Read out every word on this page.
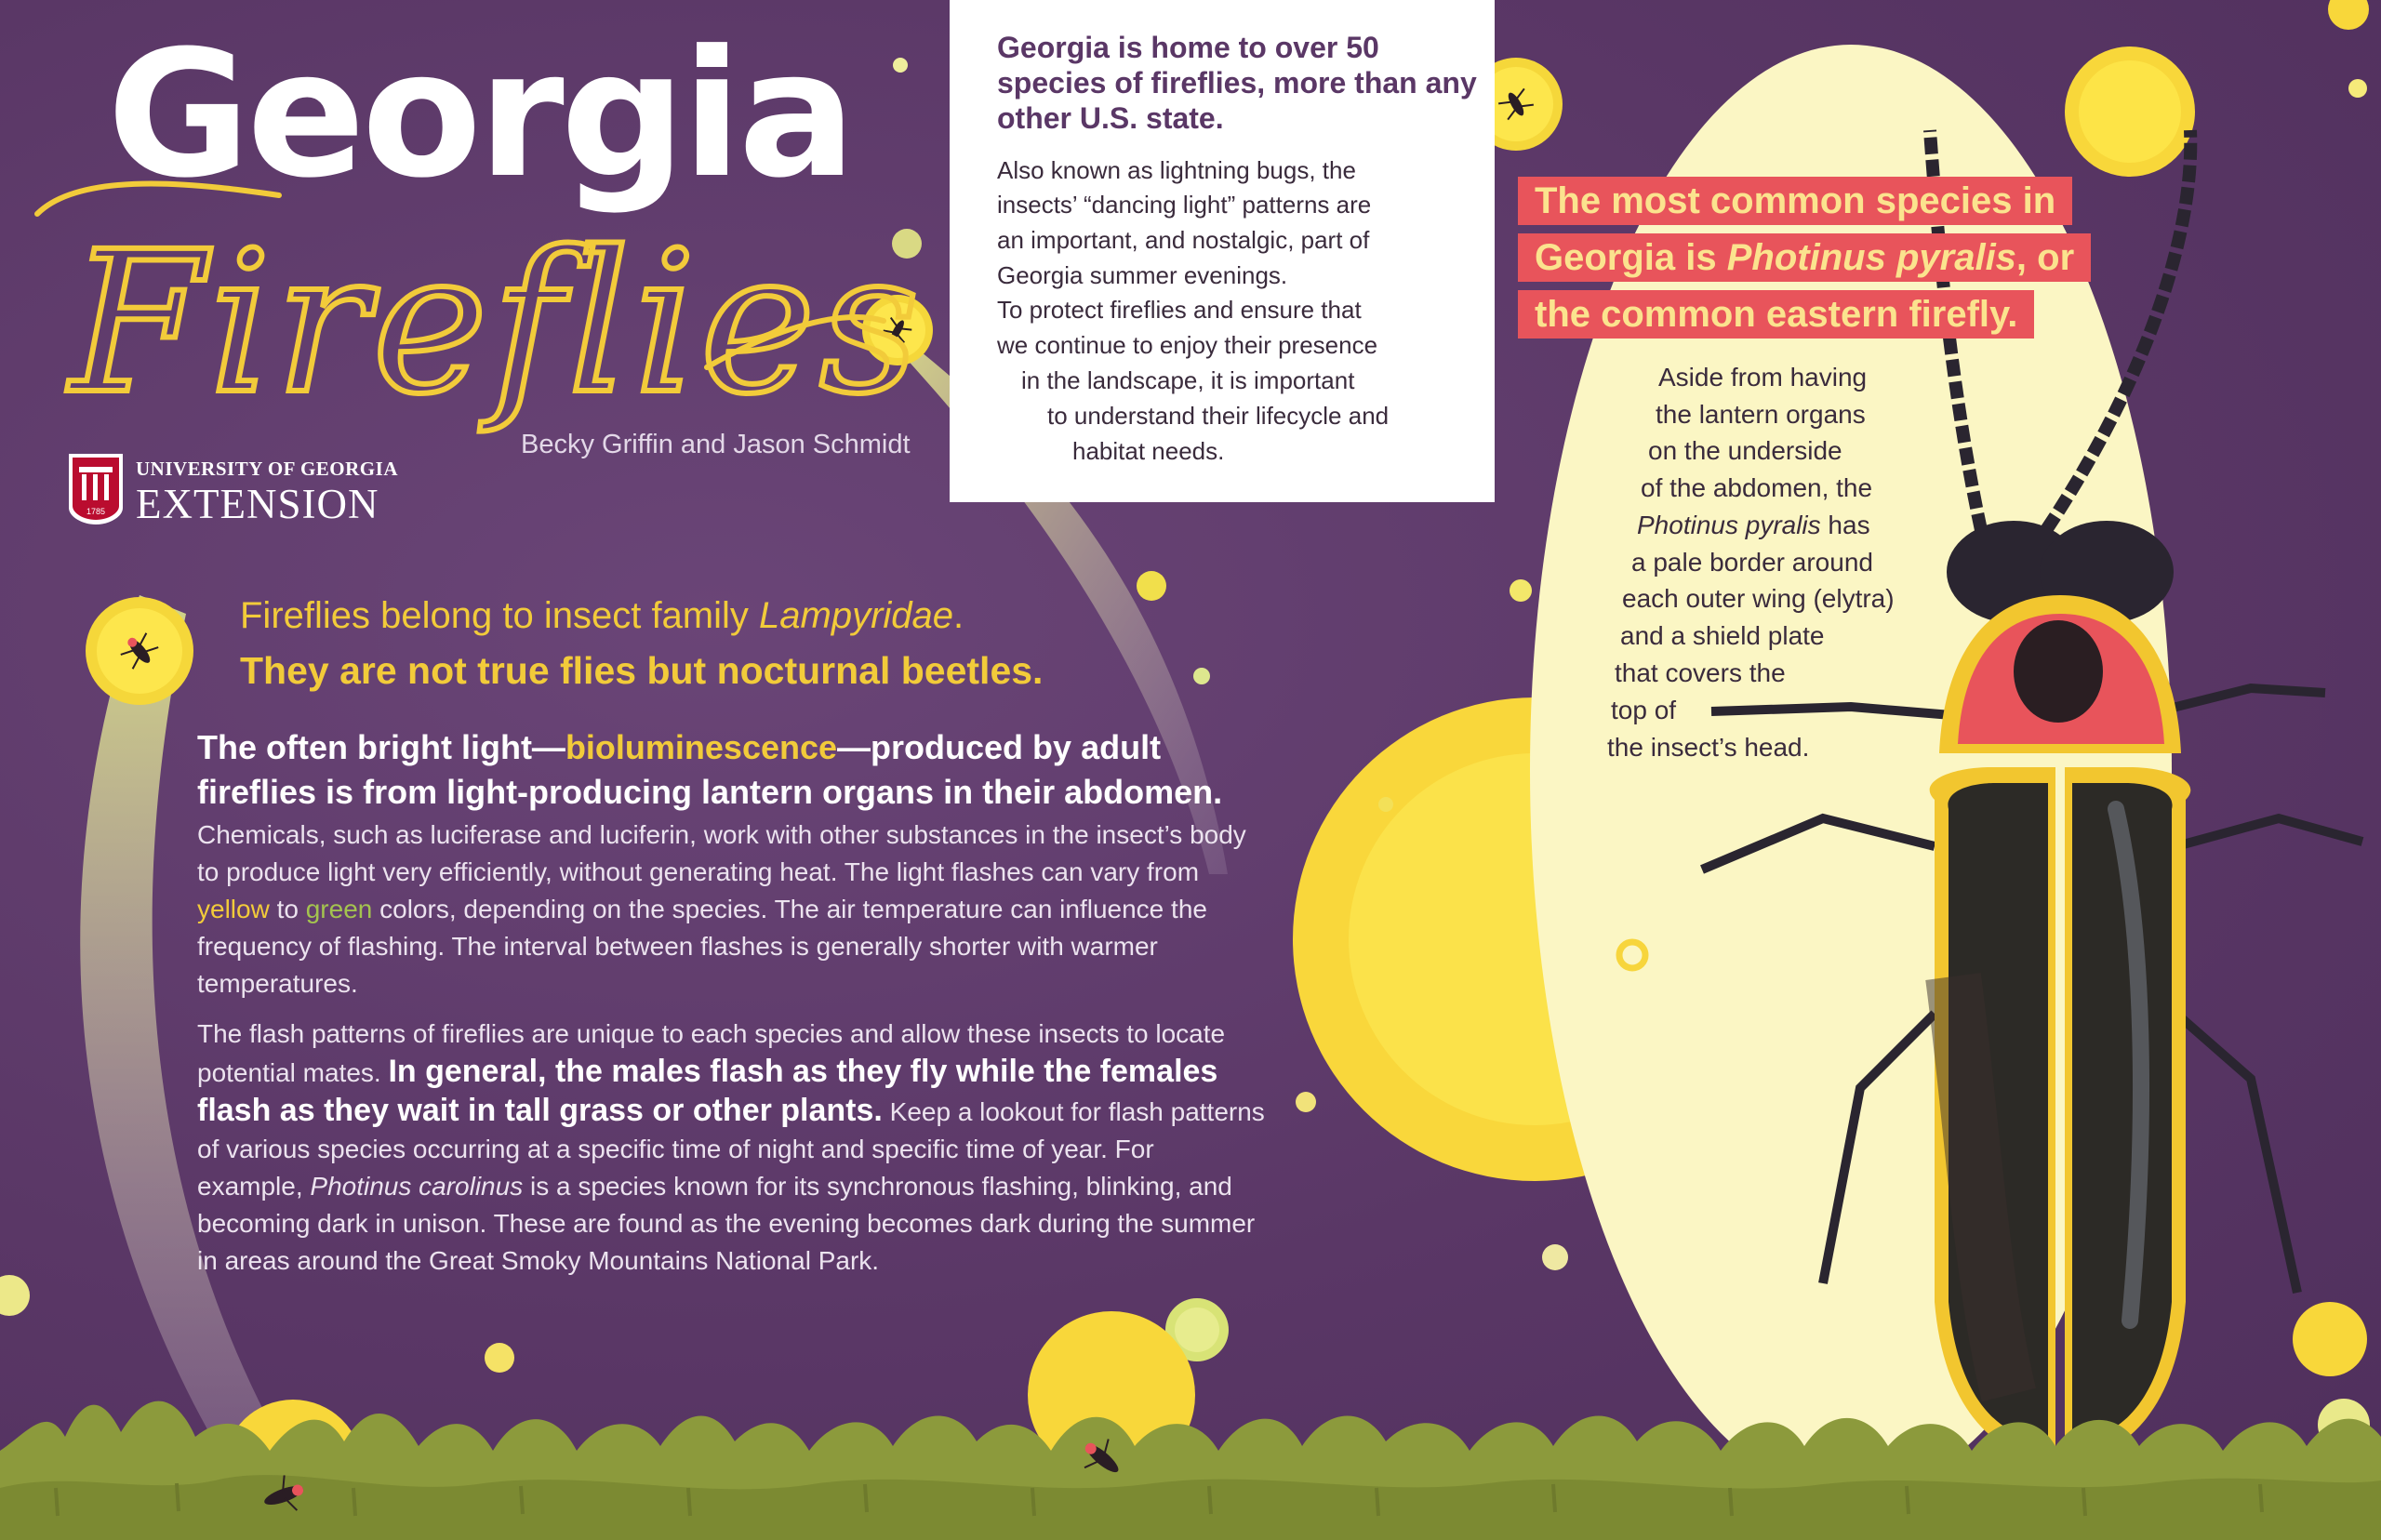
Fireflies
Georgia
Becky Griffin and Jason Schmidt
1785
UNIVERSITY OF GEORGIA
EXTENSION
Georgia is home to over 50 species of fireflies, more than any other U.S. state.
Also known as lightning bugs, the
insects’ “dancing light” patterns are
an important, and nostalgic, part of
Georgia summer evenings.
To protect fireflies and ensure that
we continue to enjoy their presence
in the landscape, it is important
to understand their lifecycle and
habitat needs.
Fireflies belong to insect family Lampyridae.
They are not true flies but nocturnal beetles.
The often bright light—bioluminescence—produced by adult fireflies is from light-producing lantern organs in their abdomen.
Chemicals, such as luciferase and luciferin, work with other substances in the insect’s body to produce light very efficiently, without generating heat. The light flashes can vary from yellow to green colors, depending on the species. The air temperature can influence the frequency of flashing. The interval between flashes is generally shorter with warmer temperatures.
The flash patterns of fireflies are unique to each species and allow these insects to locate potential mates. In general, the males flash as they fly while the females flash as they wait in tall grass or other plants. Keep a lookout for flash patterns of various species occurring at a specific time of night and specific time of year. For example, Photinus carolinus is a species known for its synchronous flashing, blinking, and becoming dark in unison. These are found as the evening becomes dark during the summer in areas around the Great Smoky Mountains National Park.
The most common species in
Georgia is Photinus pyralis, or
the common eastern firefly.
Aside from having
the lantern organs
on the underside
of the abdomen, the
Photinus pyralis has
a pale border around
each outer wing (elytra)
and a shield plate
that covers the
top of
the insect’s head.
